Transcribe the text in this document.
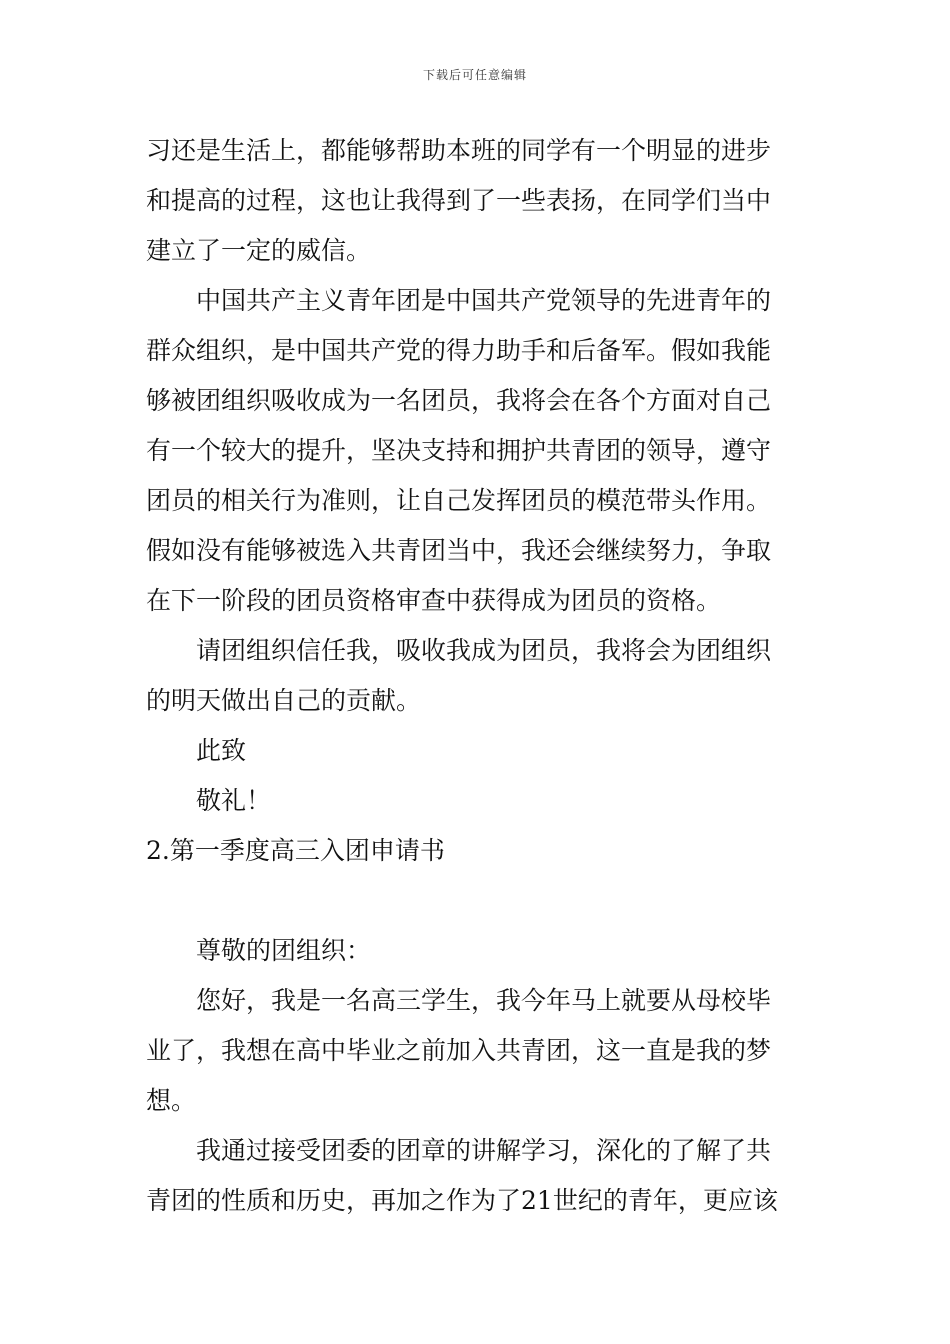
下载后可任意编辑
习还是生活上，都能够帮助本班的同学有一个明显的进步
和提高的过程，这也让我得到了一些表扬，在同学们当中
建立了一定的威信。
中国共产主义青年团是中国共产党领导的先进青年的
群众组织，是中国共产党的得力助手和后备军。假如我能
够被团组织吸收成为一名团员，我将会在各个方面对自己
有一个较大的提升，坚决支持和拥护共青团的领导，遵守
团员的相关行为准则，让自己发挥团员的模范带头作用。
假如没有能够被选入共青团当中，我还会继续努力，争取
在下一阶段的团员资格审查中获得成为团员的资格。
请团组织信任我，吸收我成为团员，我将会为团组织
的明天做出自己的贡献。
此致
敬礼！
2.第一季度高三入团申请书
尊敬的团组织：
您好，我是一名高三学生，我今年马上就要从母校毕
业了，我想在高中毕业之前加入共青团，这一直是我的梦
想。
我通过接受团委的团章的讲解学习，深化的了解了共
青团的性质和历史，再加之作为了21世纪的青年，更应该
